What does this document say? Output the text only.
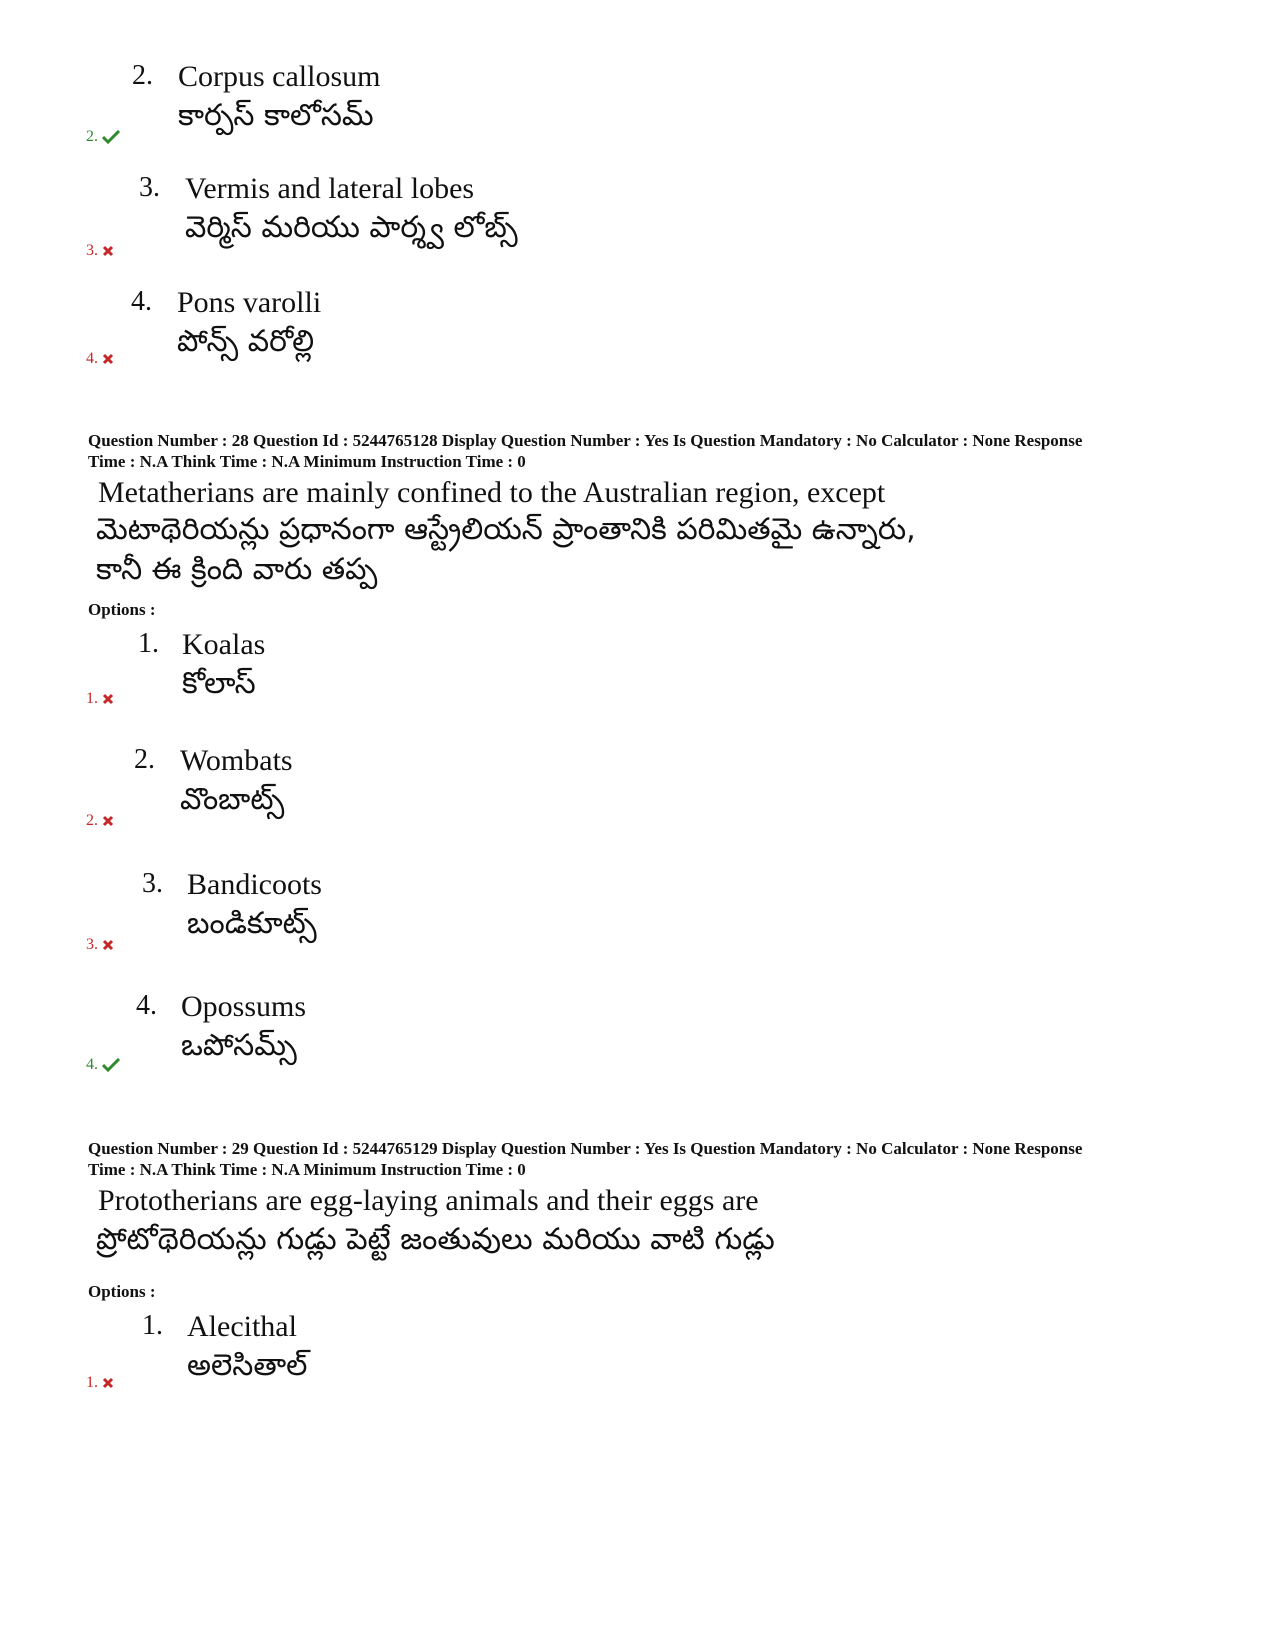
2. Corpus callosum
కార్పస్ కాలోసమ్
2.
3. Vermis and lateral lobes
వెర్మిస్ మరియు పార్శ్వ లోబ్స్
3.
4. Pons varolli
పోన్స్ వరోల్లి
4.
Question Number : 28 Question Id : 5244765128 Display Question Number : Yes Is Question Mandatory : No Calculator : None Response
Time : N.A Think Time : N.A Minimum Instruction Time : 0
Metatherians are mainly confined to the Australian region, except
మెటాథెరియన్లు ప్రధానంగా ఆస్ట్రేలియన్ ప్రాంతానికి పరిమితమై ఉన్నారు,
కానీ ఈ క్రింది వారు తప్ప
Options :
1. Koalas
కోలాస్
1.
2. Wombats
వొంబాట్స్
2.
3. Bandicoots
బండికూట్స్
3.
4. Opossums
ఒపోసమ్స్
4.
Question Number : 29 Question Id : 5244765129 Display Question Number : Yes Is Question Mandatory : No Calculator : None Response
Time : N.A Think Time : N.A Minimum Instruction Time : 0
Prototherians are egg-laying animals and their eggs are
ప్రోటోథెరియన్లు గుడ్లు పెట్టే జంతువులు మరియు వాటి గుడ్లు
Options :
1. Alecithal
అలెసితాల్
1.
